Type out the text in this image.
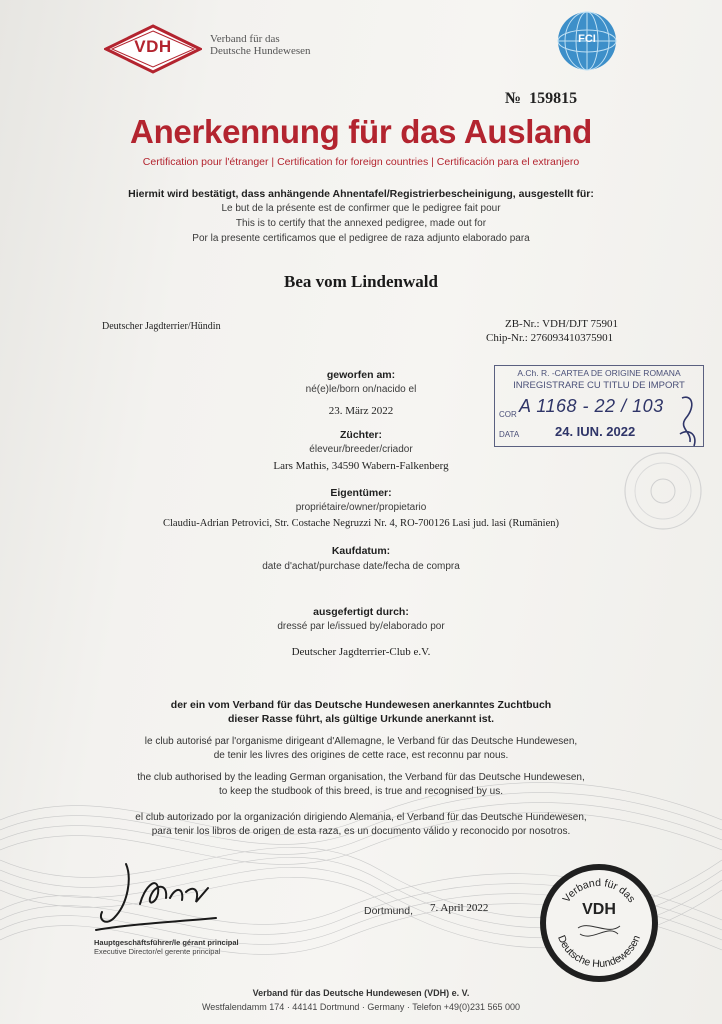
VDH	Verband für das
Deutsche Hundewesen
FCI
№ 159815
Anerkennung für das Ausland
Certification pour l'étranger | Certification for foreign countries | Certificación para el extranjero
Hiermit wird bestätigt, dass anhängende Ahnentafel/Registrierbescheinigung, ausgestellt für:
Le but de la présente est de confirmer que le pedigree fait pour
This is to certify that the annexed pedigree, made out for
Por la presente certificamos que el pedigree de raza adjunto elaborado para
Bea vom Lindenwald
Deutscher Jagdterrier/Hündin	ZB-Nr.: VDH/DJT 75901
Chip-Nr.: 276093410375901
A.Ch. R. -CARTEA DE ORIGINE ROMANA
INREGISTRARE CU TITLU DE IMPORT
COR A 1168 - 22 / 103
DATA	24. IUN. 2022
geworfen am:
né(e)le/born on/nacido el
23. März 2022
Züchter:
éleveur/breeder/criador
Lars Mathis, 34590 Wabern-Falkenberg
Eigentümer:
propriétaire/owner/propietario
Claudiu-Adrian Petrovici, Str. Costache Negruzzi Nr. 4, RO-700126 Lasi jud. lasi (Rumänien)
Kaufdatum:
date d'achat/purchase date/fecha de compra
ausgefertigt durch:
dressé par le/issued by/elaborado por
Deutscher Jagdterrier-Club e.V.
der ein vom Verband für das Deutsche Hundewesen anerkanntes Zuchtbuch
dieser Rasse führt, als gültige Urkunde anerkannt ist.
le club autorisé par l'organisme dirigeant d'Allemagne, le Verband für das Deutsche Hundewesen,
de tenir les livres des origines de cette race, est reconnu par nous.
the club authorised by the leading German organisation, the Verband für das Deutsche Hundewesen,
to keep the studbook of this breed, is true and recognised by us.
el club autorizado por la organización dirigiendo Alemania, el Verband für das Deutsche Hundewesen,
para tenir los libros de origen de esta raza, es un documento válido y reconocido por nosotros.
Hauptgeschäftsführer/le gérant principal
Executive Director/el gerente principal
Dortmund, 7. April 2022
Verband für das
Deutsche Hundewesen
VDH
Verband für das Deutsche Hundewesen (VDH) e. V.
Westfalendamm 174 · 44141 Dortmund · Germany · Telefon +49(0)231 565 000
